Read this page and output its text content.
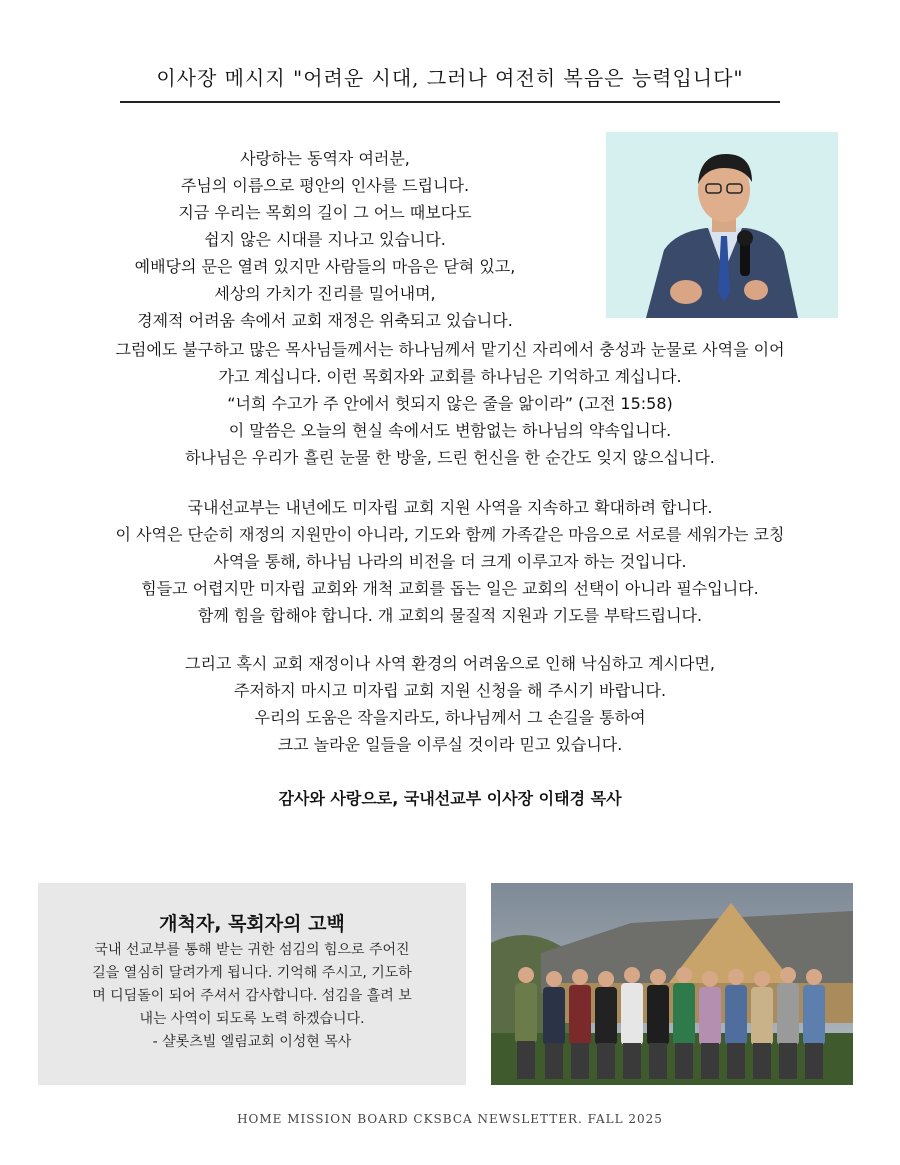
이사장 메시지 "어려운 시대, 그러나 여전히 복음은 능력입니다"
사랑하는 동역자 여러분,
주님의 이름으로 평안의 인사를 드립니다.
지금 우리는 목회의 길이 그 어느 때보다도
쉽지 않은 시대를 지나고 있습니다.
예배당의 문은 열려 있지만 사람들의 마음은 닫혀 있고,
세상의 가치가 진리를 밀어내며,
경제적 어려움 속에서 교회 재정은 위축되고 있습니다.
그럼에도 불구하고 많은 목사님들께서는 하나님께서 맡기신 자리에서 충성과 눈물로 사역을 이어
가고 계십니다. 이런 목회자와 교회를 하나님은 기억하고 계십니다.
“너희 수고가 주 안에서 헛되지 않은 줄을 앎이라” (고전 15:58)
이 말씀은 오늘의 현실 속에서도 변함없는 하나님의 약속입니다.
하나님은 우리가 흘린 눈물 한 방울, 드린 헌신을 한 순간도 잊지 않으십니다.
국내선교부는 내년에도 미자립 교회 지원 사역을 지속하고 확대하려 합니다.
이 사역은 단순히 재정의 지원만이 아니라, 기도와 함께 가족같은 마음으로 서로를 세워가는 코칭
사역을 통해, 하나님 나라의 비전을 더 크게 이루고자 하는 것입니다.
힘들고 어렵지만 미자립 교회와 개척 교회를 돕는 일은 교회의 선택이 아니라 필수입니다.
함께 힘을 합해야 합니다. 개 교회의 물질적 지원과 기도를 부탁드립니다.
그리고 혹시 교회 재정이나 사역 환경의 어려움으로 인해 낙심하고 계시다면,
주저하지 마시고 미자립 교회 지원 신청을 해 주시기 바랍니다.
우리의 도움은 작을지라도, 하나님께서 그 손길을 통하여
크고 놀라운 일들을 이루실 것이라 믿고 있습니다.
감사와 사랑으로, 국내선교부 이사장 이태경 목사
개척자, 목회자의 고백
국내 선교부를 통해 받는 귀한 섬김의 힘으로 주어진
길을 열심히 달려가게 됩니다. 기억해 주시고, 기도하
며 디딤돌이 되어 주셔서 감사합니다. 섬김을 흘려 보
내는 사역이 되도록 노력 하겠습니다.
- 샬롯츠빌 엘림교회 이성현 목사
HOME MISSION BOARD CKSBCA NEWSLETTER. FALL 2025
